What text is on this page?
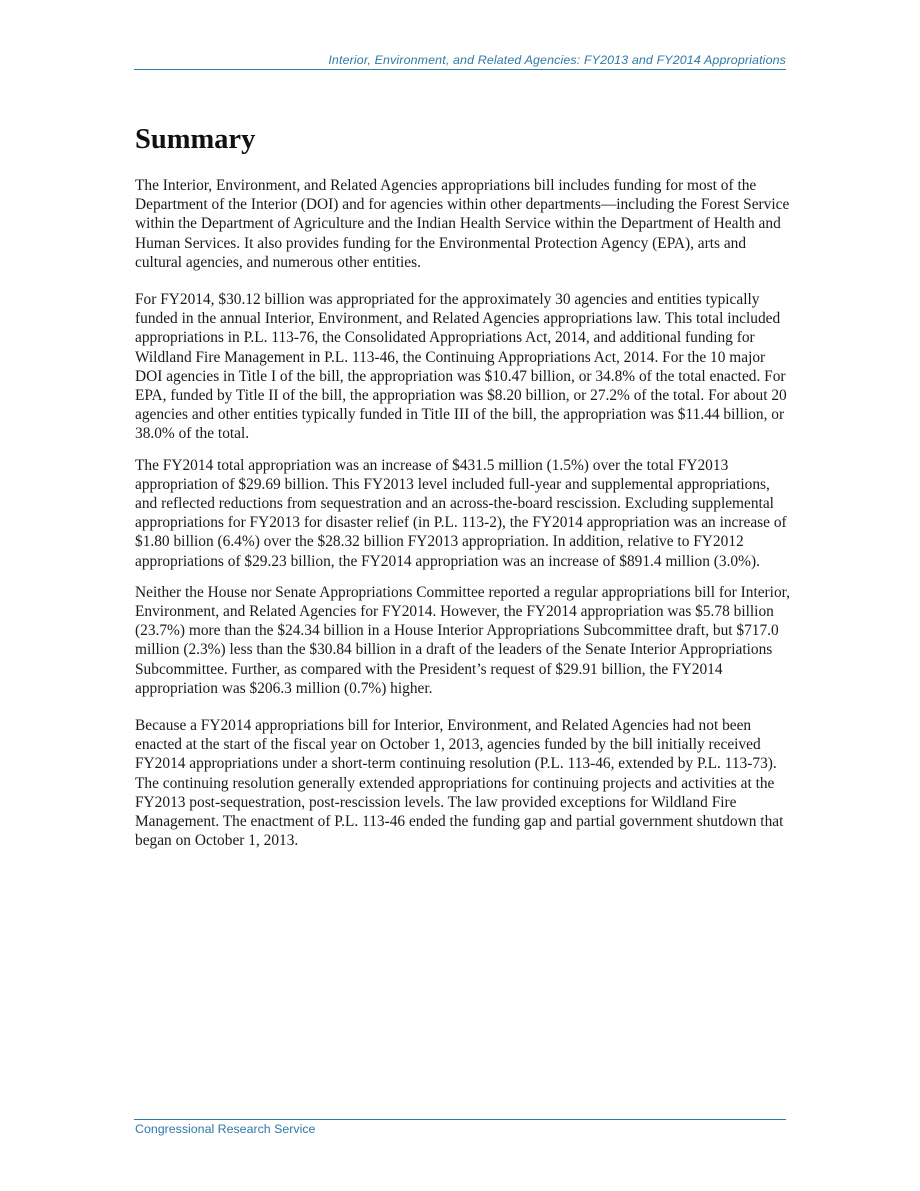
Interior, Environment, and Related Agencies: FY2013 and FY2014 Appropriations
Summary

The Interior, Environment, and Related Agencies appropriations bill includes funding for most of the Department of the Interior (DOI) and for agencies within other departments—including the Forest Service within the Department of Agriculture and the Indian Health Service within the Department of Health and Human Services. It also provides funding for the Environmental Protection Agency (EPA), arts and cultural agencies, and numerous other entities.

For FY2014, $30.12 billion was appropriated for the approximately 30 agencies and entities typically funded in the annual Interior, Environment, and Related Agencies appropriations law. This total included appropriations in P.L. 113-76, the Consolidated Appropriations Act, 2014, and additional funding for Wildland Fire Management in P.L. 113-46, the Continuing Appropriations Act, 2014. For the 10 major DOI agencies in Title I of the bill, the appropriation was $10.47 billion, or 34.8% of the total enacted. For EPA, funded by Title II of the bill, the appropriation was $8.20 billion, or 27.2% of the total. For about 20 agencies and other entities typically funded in Title III of the bill, the appropriation was $11.44 billion, or 38.0% of the total.

The FY2014 total appropriation was an increase of $431.5 million (1.5%) over the total FY2013 appropriation of $29.69 billion. This FY2013 level included full-year and supplemental appropriations, and reflected reductions from sequestration and an across-the-board rescission. Excluding supplemental appropriations for FY2013 for disaster relief (in P.L. 113-2), the FY2014 appropriation was an increase of $1.80 billion (6.4%) over the $28.32 billion FY2013 appropriation. In addition, relative to FY2012 appropriations of $29.23 billion, the FY2014 appropriation was an increase of $891.4 million (3.0%).

Neither the House nor Senate Appropriations Committee reported a regular appropriations bill for Interior, Environment, and Related Agencies for FY2014. However, the FY2014 appropriation was $5.78 billion (23.7%) more than the $24.34 billion in a House Interior Appropriations Subcommittee draft, but $717.0 million (2.3%) less than the $30.84 billion in a draft of the leaders of the Senate Interior Appropriations Subcommittee. Further, as compared with the President’s request of $29.91 billion, the FY2014 appropriation was $206.3 million (0.7%) higher.

Because a FY2014 appropriations bill for Interior, Environment, and Related Agencies had not been enacted at the start of the fiscal year on October 1, 2013, agencies funded by the bill initially received FY2014 appropriations under a short-term continuing resolution (P.L. 113-46, extended by P.L. 113-73). The continuing resolution generally extended appropriations for continuing projects and activities at the FY2013 post-sequestration, post-rescission levels. The law provided exceptions for Wildland Fire Management. The enactment of P.L. 113-46 ended the funding gap and partial government shutdown that began on October 1, 2013.

Congressional Research Service
